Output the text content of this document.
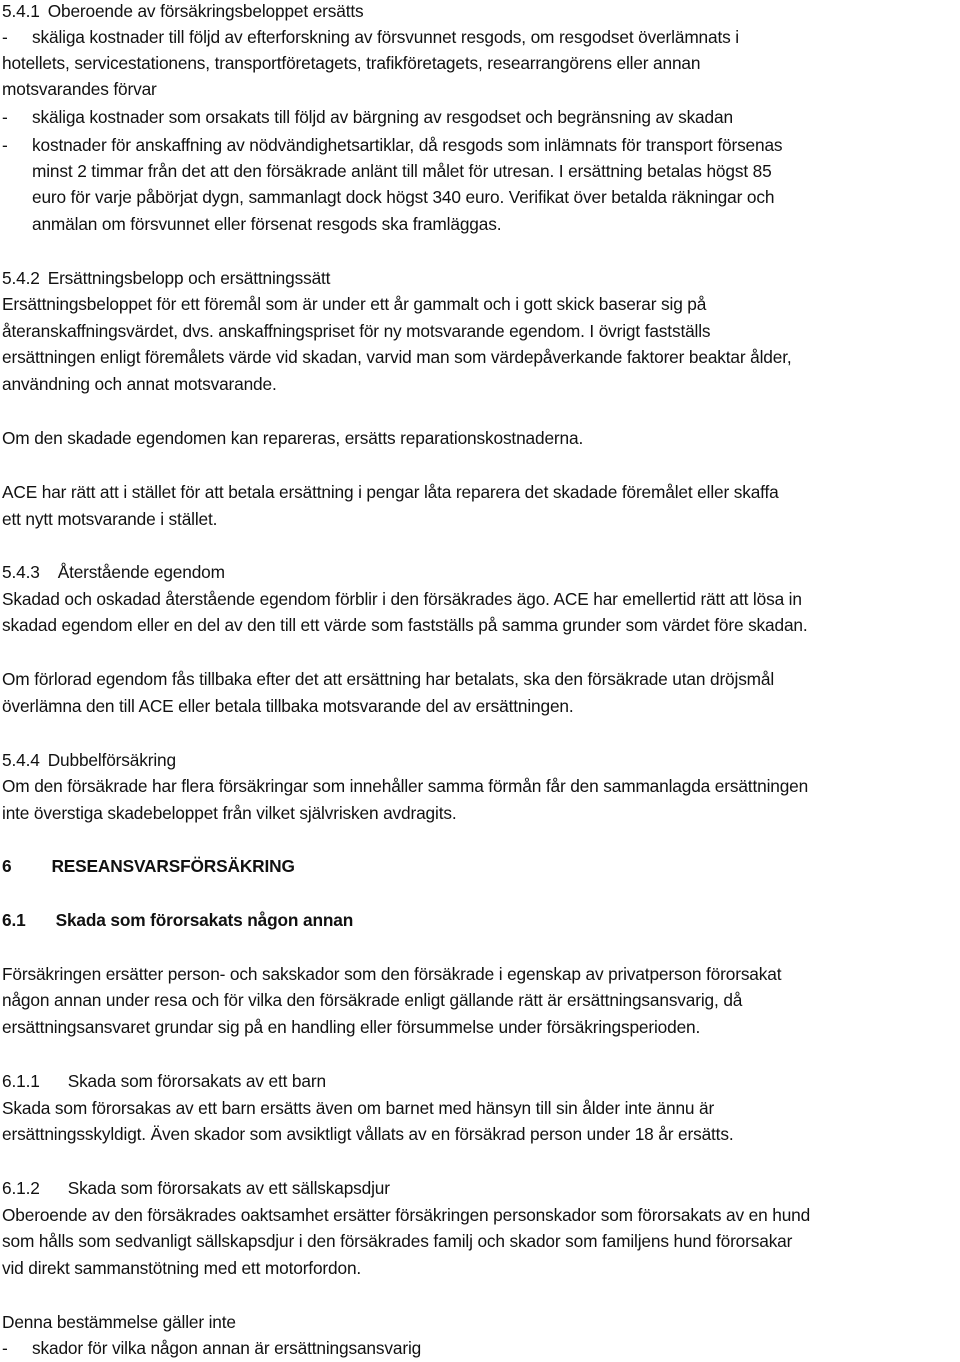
5.4.1 Oberoende av försäkringsbeloppet ersätts
- skäliga kostnader till följd av efterforskning av försvunnet resgods, om resgodset överlämnats i
hotellets, servicestationens, transportföretagets, trafikföretagets, researrangörens eller annan
motsvarandes förvar
- skäliga kostnader som orsakats till följd av bärgning av resgodset och begränsning av skadan
- kostnader för anskaffning av nödvändighetsartiklar, då resgods som inlämnats för transport försenas
minst 2 timmar från det att den försäkrade anlänt till målet för utresan. I ersättning betalas högst 85
euro för varje påbörjat dygn, sammanlagt dock högst 340 euro. Verifikat över betalda räkningar och
anmälan om försvunnet eller försenat resgods ska framläggas.
5.4.2 Ersättningsbelopp och ersättningssätt
Ersättningsbeloppet för ett föremål som är under ett år gammalt och i gott skick baserar sig på
återanskaffningsvärdet, dvs. anskaffningspriset för ny motsvarande egendom. I övrigt fastställs
ersättningen enligt föremålets värde vid skadan, varvid man som värdepåverkande faktorer beaktar ålder,
användning och annat motsvarande.
Om den skadade egendomen kan repareras, ersätts reparationskostnaderna.
ACE har rätt att i stället för att betala ersättning i pengar låta reparera det skadade föremålet eller skaffa
ett nytt motsvarande i stället.
5.4.3 Återstående egendom
Skadad och oskadad återstående egendom förblir i den försäkrades ägo. ACE har emellertid rätt att lösa in
skadad egendom eller en del av den till ett värde som fastställs på samma grunder som värdet före skadan.
Om förlorad egendom fås tillbaka efter det att ersättning har betalats, ska den försäkrade utan dröjsmål
överlämna den till ACE eller betala tillbaka motsvarande del av ersättningen.
5.4.4 Dubbelförsäkring
Om den försäkrade har flera försäkringar som innehåller samma förmån får den sammanlagda ersättningen
inte överstiga skadebeloppet från vilket självrisken avdragits.
6 RESEANSVARSFÖRSÄKRING
6.1 Skada som förorsakats någon annan
Försäkringen ersätter person- och sakskador som den försäkrade i egenskap av privatperson förorsakat
någon annan under resa och för vilka den försäkrade enligt gällande rätt är ersättningsansvarig, då
ersättningsansvaret grundar sig på en handling eller försummelse under försäkringsperioden.
6.1.1 Skada som förorsakats av ett barn
Skada som förorsakas av ett barn ersätts även om barnet med hänsyn till sin ålder inte ännu är
ersättningsskyldigt. Även skador som avsiktligt vållats av en försäkrad person under 18 år ersätts.
6.1.2 Skada som förorsakats av ett sällskapsdjur
Oberoende av den försäkrades oaktsamhet ersätter försäkringen personskador som förorsakats av en hund
som hålls som sedvanligt sällskapsdjur i den försäkrades familj och skador som familjens hund förorsakar
vid direkt sammanstötning med ett motorfordon.
Denna bestämmelse gäller inte
- skador för vilka någon annan är ersättningsansvarig
